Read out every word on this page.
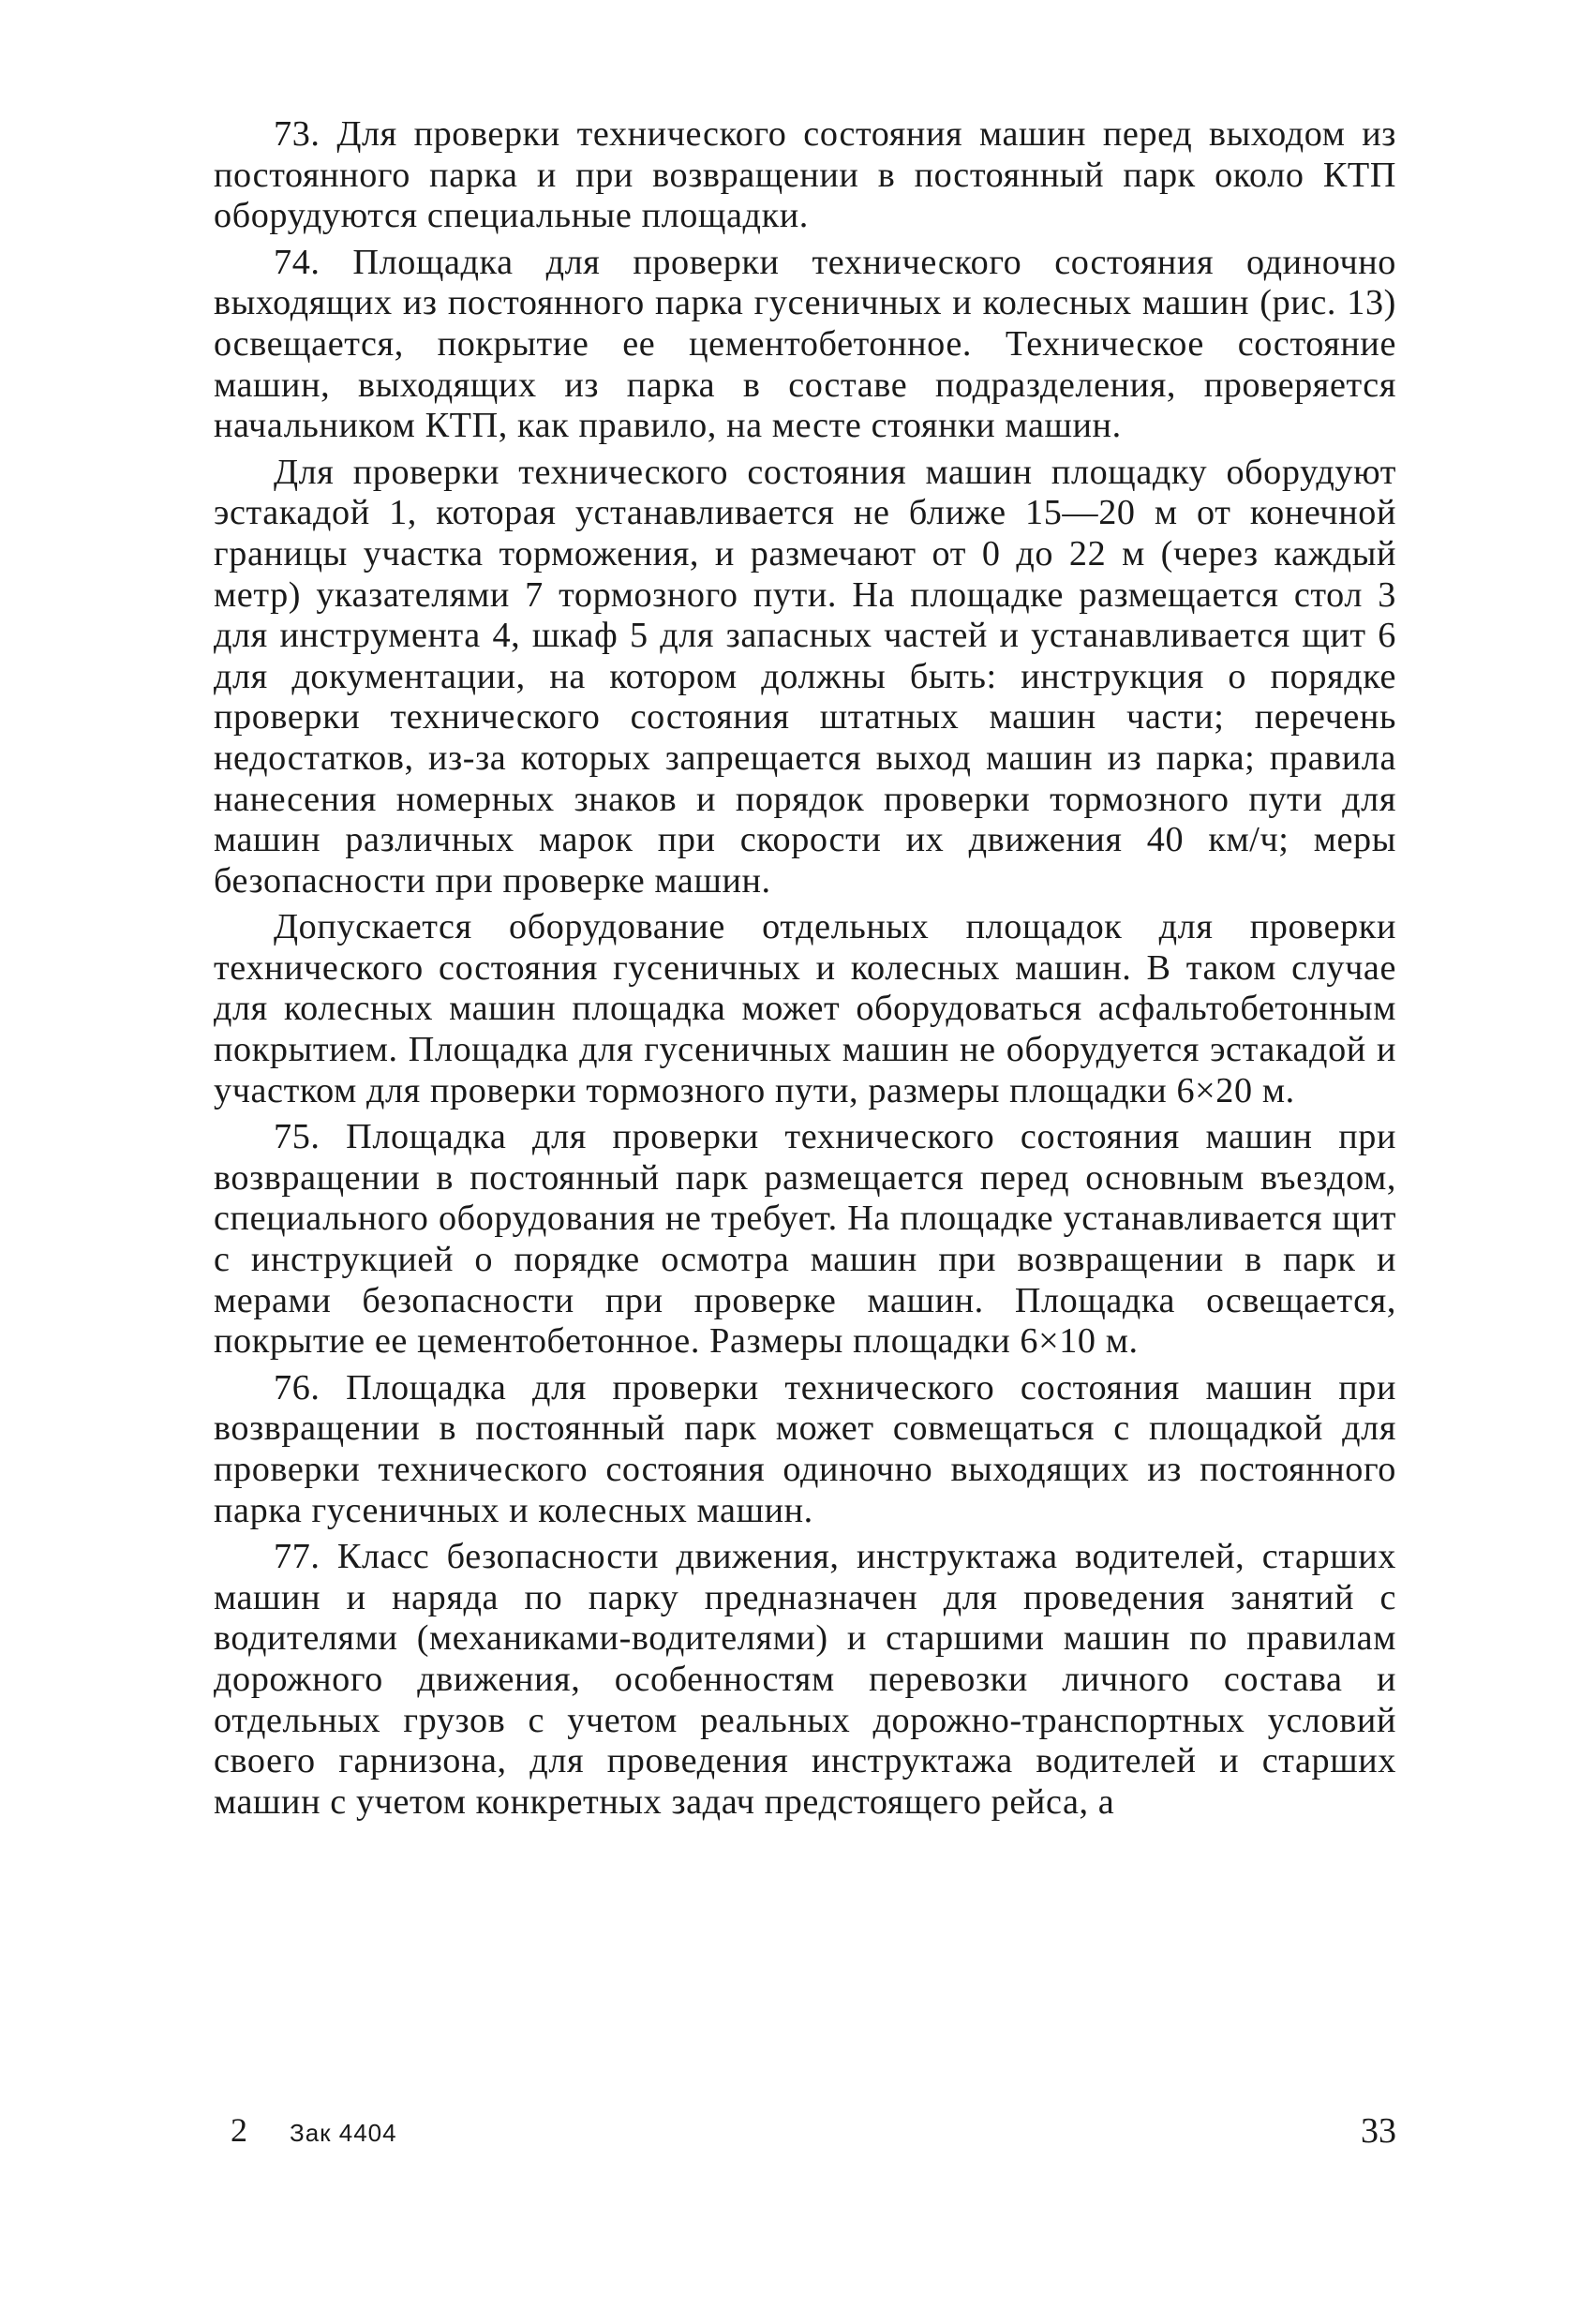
73. Для проверки технического состояния машин перед выходом из постоянного парка и при возвращении в постоянный парк около КТП оборудуются специальные площадки.

74. Площадка для проверки технического состояния одиночно выходящих из постоянного парка гусеничных и колесных машин (рис. 13) освещается, покрытие ее цементобетонное. Техническое состояние машин, выходящих из парка в составе подразделения, проверяется начальником КТП, как правило, на месте стоянки машин.

Для проверки технического состояния машин площадку оборудуют эстакадой 1, которая устанавливается не ближе 15—20 м от конечной границы участка торможения, и размечают от 0 до 22 м (через каждый метр) указателями 7 тормозного пути. На площадке размещается стол 3 для инструмента 4, шкаф 5 для запасных частей и устанавливается щит 6 для документации, на котором должны быть: инструкция о порядке проверки технического состояния штатных машин части; перечень недостатков, из-за которых запрещается выход машин из парка; правила нанесения номерных знаков и порядок проверки тормозного пути для машин различных марок при скорости их движения 40 км/ч; меры безопасности при проверке машин.

Допускается оборудование отдельных площадок для проверки технического состояния гусеничных и колесных машин. В таком случае для колесных машин площадка может оборудоваться асфальтобетонным покрытием. Площадка для гусеничных машин не оборудуется эстакадой и участком для проверки тормозного пути, размеры площадки 6×20 м.

75. Площадка для проверки технического состояния машин при возвращении в постоянный парк размещается перед основным въездом, специального оборудования не требует. На площадке устанавливается щит с инструкцией о порядке осмотра машин при возвращении в парк и мерами безопасности при проверке машин. Площадка освещается, покрытие ее цементобетонное. Размеры площадки 6×10 м.

76. Площадка для проверки технического состояния машин при возвращении в постоянный парк может совмещаться с площадкой для проверки технического состояния одиночно выходящих из постоянного парка гусеничных и колесных машин.

77. Класс безопасности движения, инструктажа водителей, старших машин и наряда по парку предназначен для проведения занятий с водителями (механиками-водителями) и старшими машин по правилам дорожного движения, особенностям перевозки личного состава и отдельных грузов с учетом реальных дорожно-транспортных условий своего гарнизона, для проведения инструктажа водителей и старших машин с учетом конкретных задач предстоящего рейса, а

2 Зак 4404	33
